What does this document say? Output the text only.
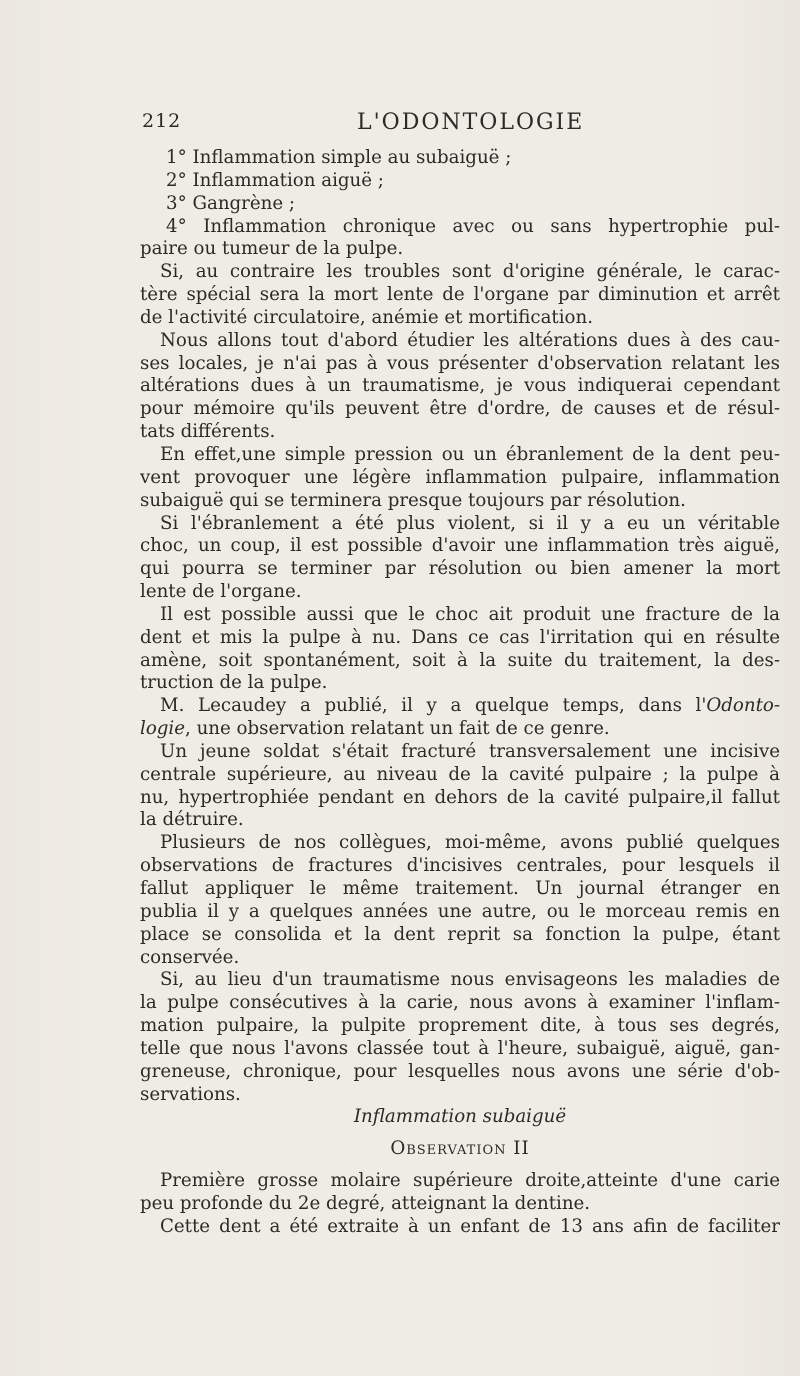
212	L'ODONTOLOGIE
1° Inflammation simple au subaiguë ;
2° Inflammation aiguë ;
3° Gangrène ;
4° Inflammation chronique avec ou sans hypertrophie pul-
paire ou tumeur de la pulpe.
Si, au contraire les troubles sont d'origine générale, le carac-
tère spécial sera la mort lente de l'organe par diminution et arrêt
de l'activité circulatoire, anémie et mortification.
Nous allons tout d'abord étudier les altérations dues à des cau-
ses locales, je n'ai pas à vous présenter d'observation relatant les
altérations dues à un traumatisme, je vous indiquerai cependant
pour mémoire qu'ils peuvent être d'ordre, de causes et de résul-
tats différents.
En effet,une simple pression ou un ébranlement de la dent peu-
vent provoquer une légère inflammation pulpaire, inflammation
subaiguë qui se terminera presque toujours par résolution.
Si l'ébranlement a été plus violent, si il y a eu un véritable
choc, un coup, il est possible d'avoir une inflammation très aiguë,
qui pourra se terminer par résolution ou bien amener la mort
lente de l'organe.
Il est possible aussi que le choc ait produit une fracture de la
dent et mis la pulpe à nu. Dans ce cas l'irritation qui en résulte
amène, soit spontanément, soit à la suite du traitement, la des-
truction de la pulpe.
M. Lecaudey a publié, il y a quelque temps, dans l'Odonto-
logie, une observation relatant un fait de ce genre.
Un jeune soldat s'était fracturé transversalement une incisive
centrale supérieure, au niveau de la cavité pulpaire ; la pulpe à
nu, hypertrophiée pendant en dehors de la cavité pulpaire,il fallut
la détruire.
Plusieurs de nos collègues, moi-même, avons publié quelques
observations de fractures d'incisives centrales, pour lesquels il
fallut appliquer le même traitement. Un journal étranger en
publia il y a quelques années une autre, ou le morceau remis en
place se consolida et la dent reprit sa fonction la pulpe, étant
conservée.
Si, au lieu d'un traumatisme nous envisageons les maladies de
la pulpe consécutives à la carie, nous avons à examiner l'inflam-
mation pulpaire, la pulpite proprement dite, à tous ses degrés,
telle que nous l'avons classée tout à l'heure, subaiguë, aiguë, gan-
greneuse, chronique, pour lesquelles nous avons une série d'ob-
servations.
Inflammation subaiguë
Observation II
Première grosse molaire supérieure droite,atteinte d'une carie
peu profonde du 2e degré, atteignant la dentine.
Cette dent a été extraite à un enfant de 13 ans afin de faciliter
